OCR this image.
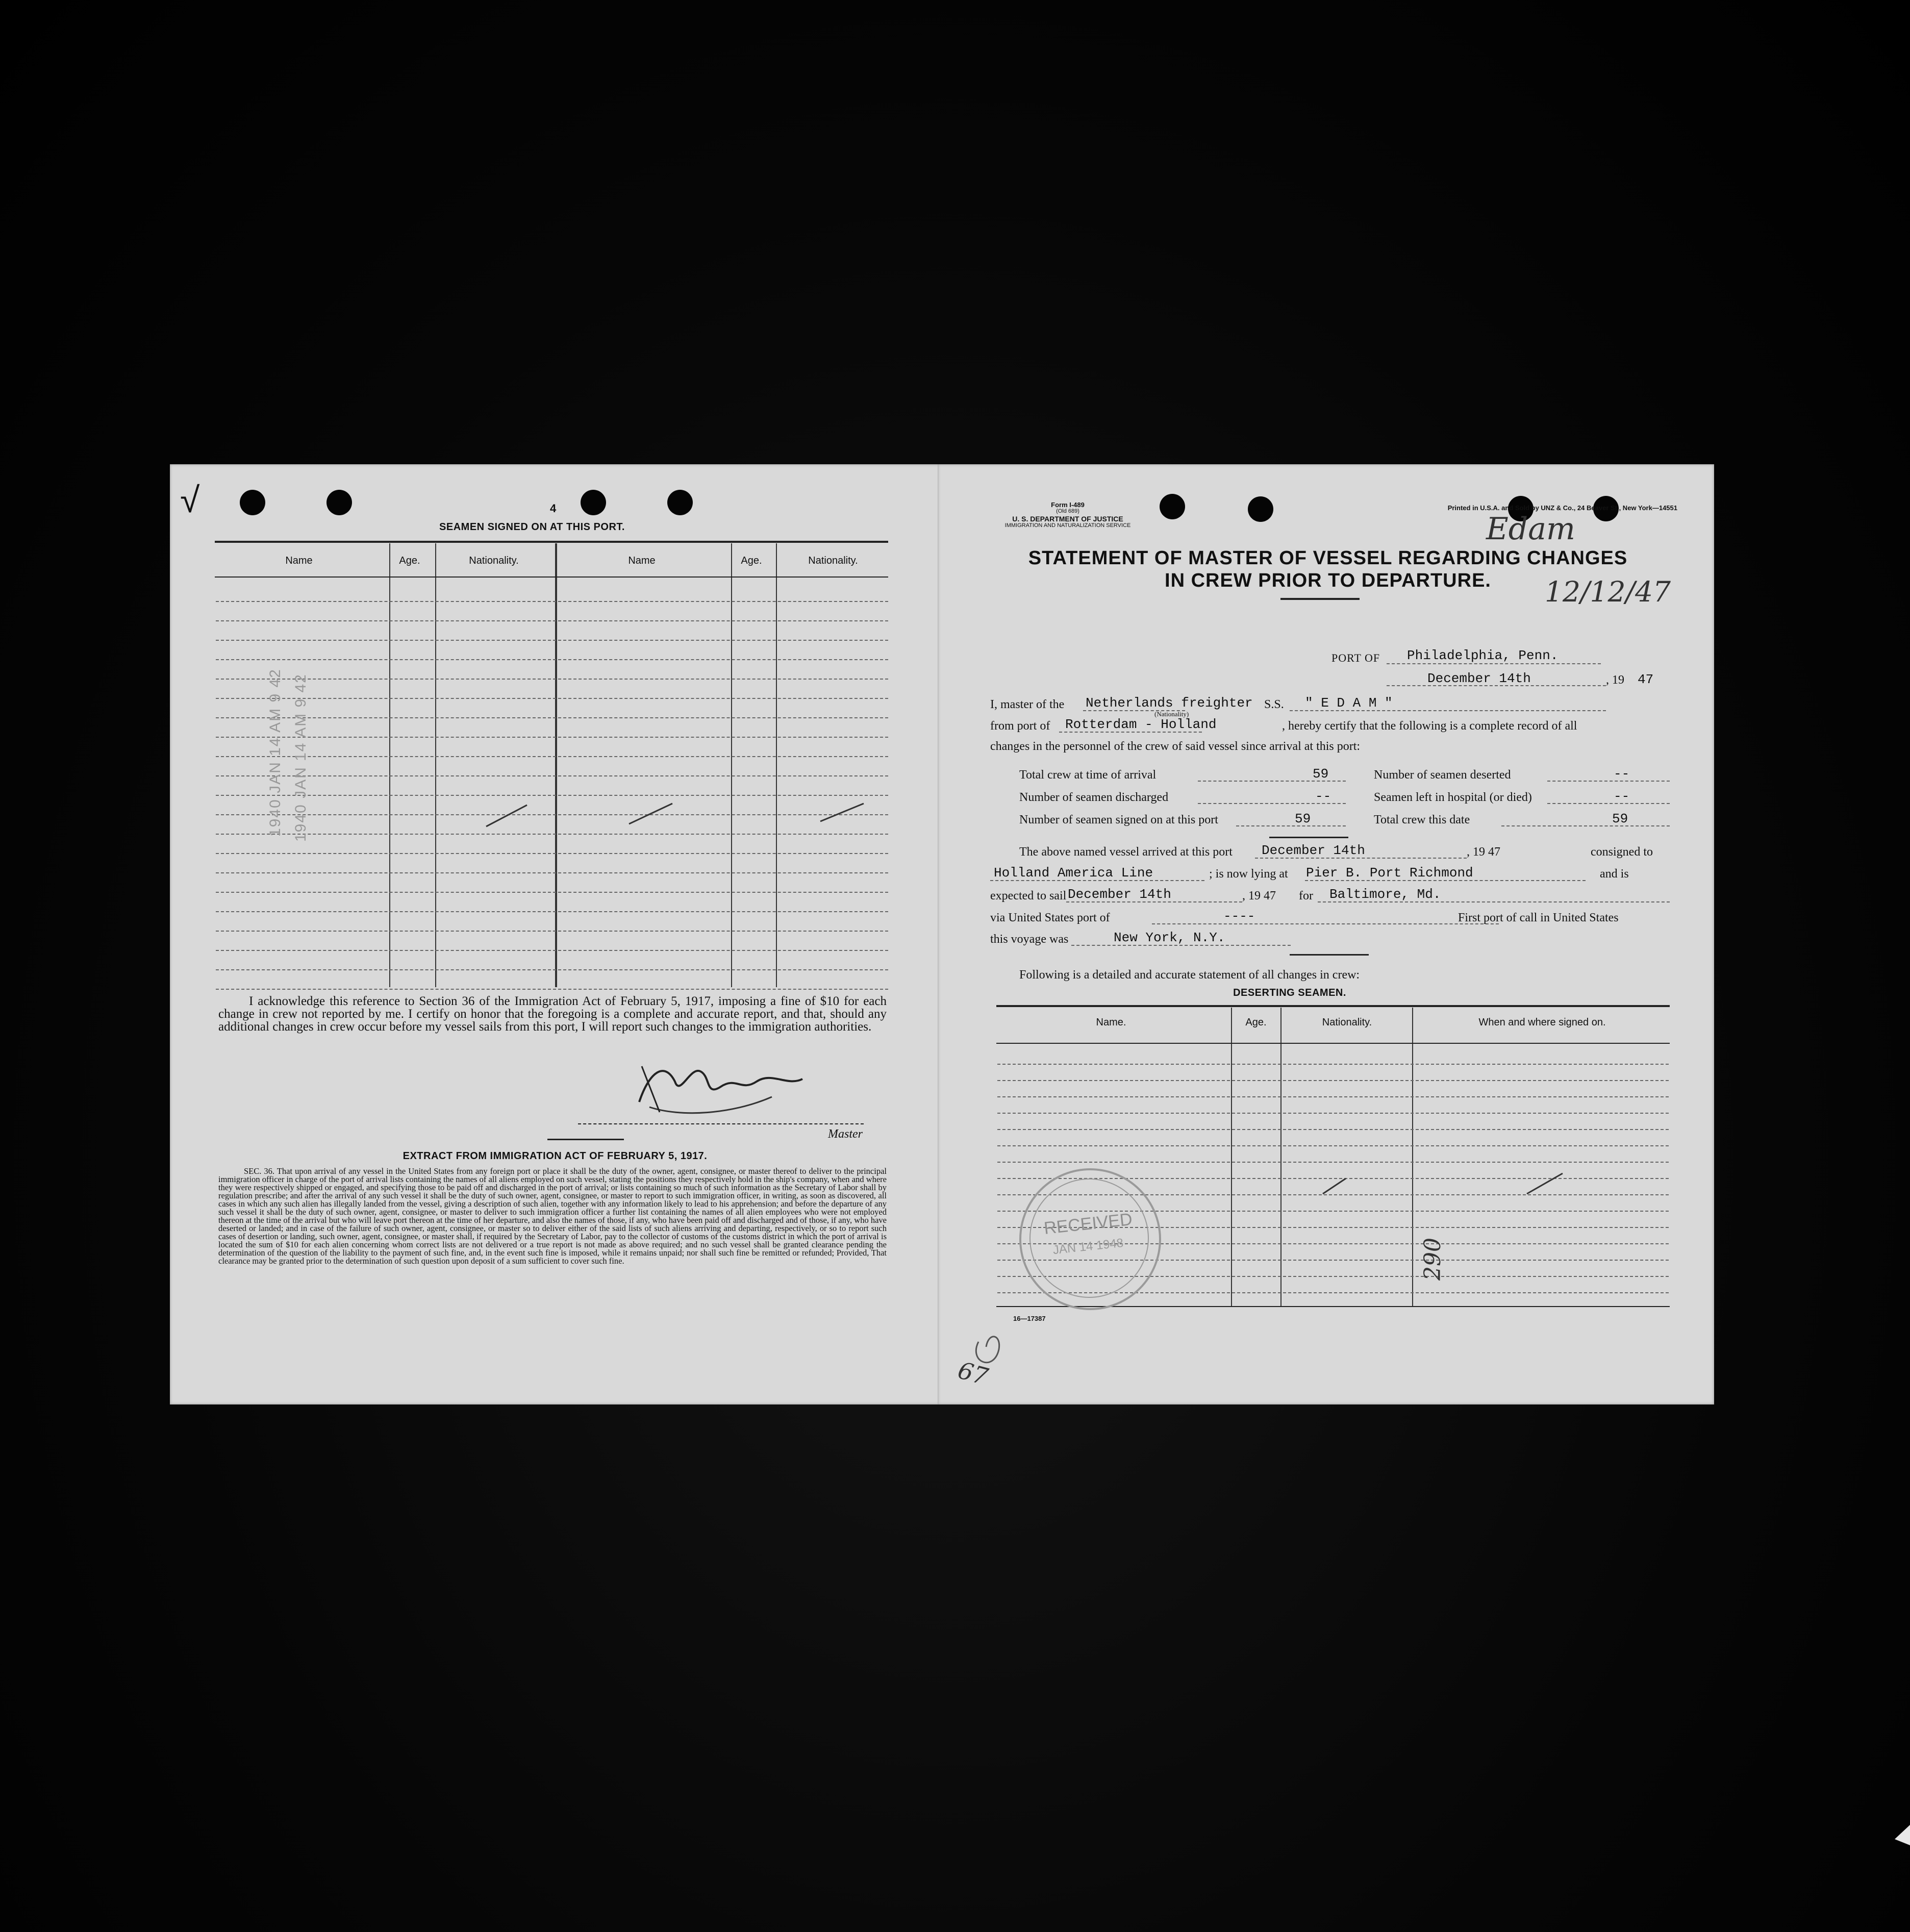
√	4
SEAMEN SIGNED ON AT THIS PORT.
Name	Age.	Nationality.	Name	Age.	Nationality.
1940 JAN 14 AM 9 42 1940 JAN 14 AM 9 42
I acknowledge this reference to Section 36 of the Immigration Act of February 5, 1917, imposing a fine of $10 for each change in crew not reported by me. I certify on honor that the foregoing is a complete and accurate report, and that, should any additional changes in crew occur before my vessel sails from this port, I will report such changes to the immigration authorities.
Master
EXTRACT FROM IMMIGRATION ACT OF FEBRUARY 5, 1917.
SEC. 36. That upon arrival of any vessel in the United States from any foreign port or place it shall be the duty of the owner, agent, consignee, or master thereof to deliver to the principal immigration officer in charge of the port of arrival lists containing the names of all aliens employed on such vessel, stating the positions they respectively hold in the ship's company, when and where they were respectively shipped or engaged, and specifying those to be paid off and discharged in the port of arrival; or lists containing so much of such information as the Secretary of Labor shall by regulation prescribe; and after the arrival of any such vessel it shall be the duty of such owner, agent, consignee, or master to report to such immigration officer, in writing, as soon as discovered, all cases in which any such alien has illegally landed from the vessel, giving a description of such alien, together with any information likely to lead to his apprehension; and before the departure of any such vessel it shall be the duty of such owner, agent, consignee, or master to deliver to such immigration officer a further list containing the names of all alien employees who were not employed thereon at the time of the arrival but who will leave port thereon at the time of her departure, and also the names of those, if any, who have been paid off and discharged and of those, if any, who have deserted or landed; and in case of the failure of such owner, agent, consignee, or master so to deliver either of the said lists of such aliens arriving and departing, respectively, or so to report such cases of desertion or landing, such owner, agent, consignee, or master shall, if required by the Secretary of Labor, pay to the collector of customs of the customs district in which the port of arrival is located the sum of $10 for each alien concerning whom correct lists are not delivered or a true report is not made as above required; and no such vessel shall be granted clearance pending the determination of the question of the liability to the payment of such fine, and, in the event such fine is imposed, while it remains unpaid; nor shall such fine be remitted or refunded; Provided, That clearance may be granted prior to the determination of such question upon deposit of a sum sufficient to cover such fine.
Form I-489
(Old 689)
U. S. DEPARTMENT OF JUSTICE
IMMIGRATION AND NATURALIZATION SERVICE
Printed in U.S.A. and Sold by UNZ & Co., 24 Beaver St., New York—14551
Edam
STATEMENT OF MASTER OF VESSEL REGARDING CHANGES
IN CREW PRIOR TO DEPARTURE.	12/12/47
PORT OF Philadelphia, Penn.
December 14th	, 19 47
I, master of the Netherlands freighter
(Nationality)
S.S. " E D A M "
from port of Rotterdam - Holland	, hereby certify that the following is a complete record of all
changes in the personnel of the crew of said vessel since arrival at this port:
Total crew at time of arrival	59	Number of seamen deserted	--
Number of seamen discharged	--	Seamen left in hospital (or died)	--
Number of seamen signed on at this port	59	Total crew this date	59
The above named vessel arrived at this port December 14th	, 19 47	consigned to
Holland America Line	; is now lying at Pier B. Port Richmond	and is
expected to sail December 14th	, 19 47 for Baltimore, Md.
via United States port of	----	First port of call in United States
this voyage was	New York, N.Y.
Following is a detailed and accurate statement of all changes in crew:
DESERTING SEAMEN.
Name.	Age.	Nationality.	When and where signed on.
RECEIVED
JAN 14 1948	290
16—17387
67
